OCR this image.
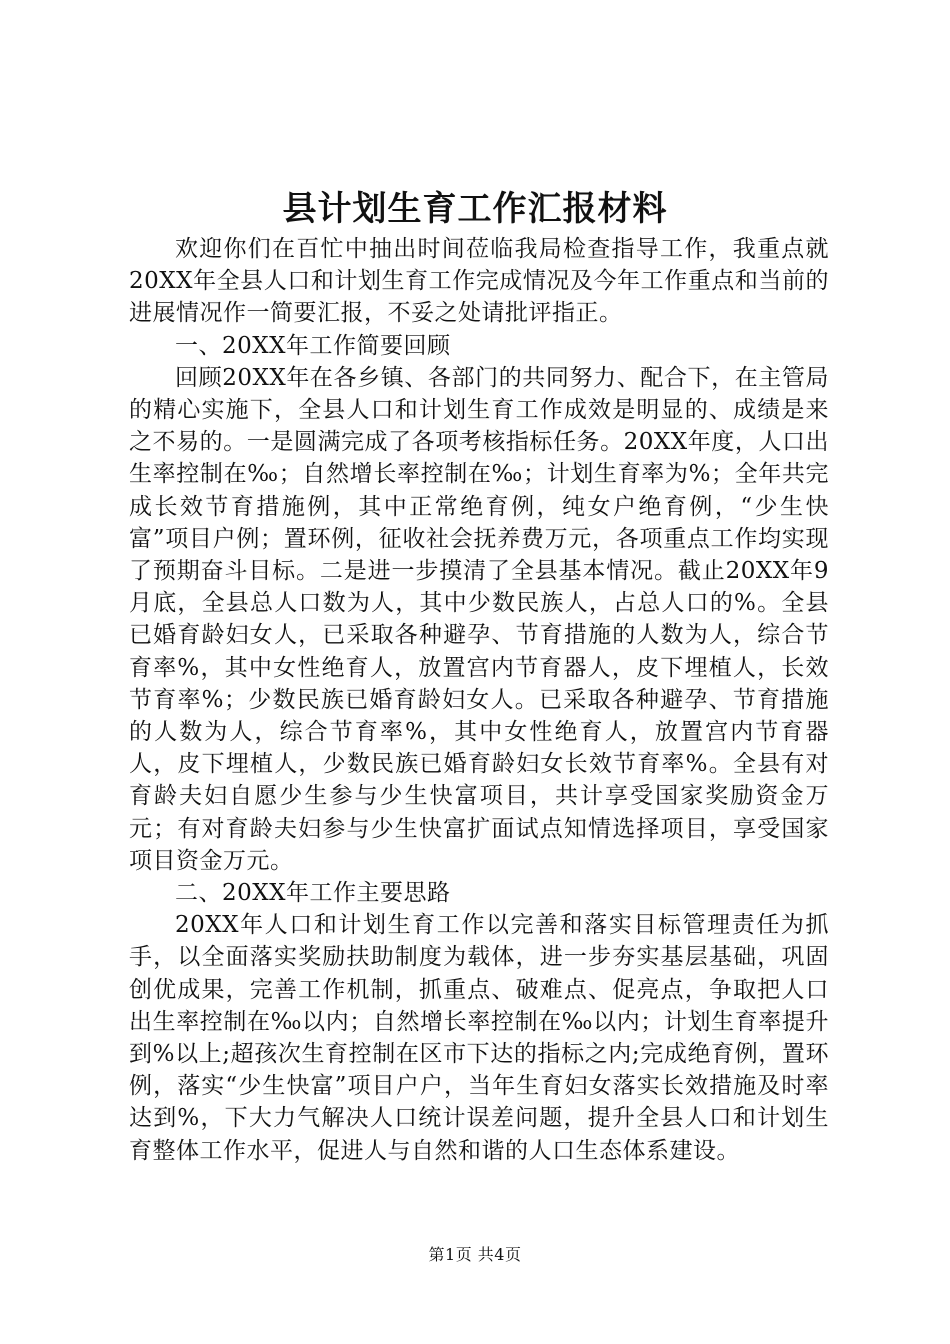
县计划生育工作汇报材料

欢迎你们在百忙中抽出时间莅临我局检查指导工作，我重点就20XX年全县人口和计划生育工作完成情况及今年工作重点和当前的进展情况作一简要汇报，不妥之处请批评指正。

一、20XX年工作简要回顾

回顾20XX年在各乡镇、各部门的共同努力、配合下，在主管局的精心实施下，全县人口和计划生育工作成效是明显的、成绩是来之不易的。一是圆满完成了各项考核指标任务。20XX年度，人口出生率控制在‰；自然增长率控制在‰；计划生育率为%；全年共完成长效节育措施例，其中正常绝育例，纯女户绝育例，“少生快富”项目户例；置环例，征收社会抚养费万元，各项重点工作均实现了预期奋斗目标。二是进一步摸清了全县基本情况。截止20XX年9月底，全县总人口数为人，其中少数民族人，占总人口的%。全县已婚育龄妇女人，已采取各种避孕、节育措施的人数为人，综合节育率%，其中女性绝育人，放置宫内节育器人，皮下埋植人，长效节育率%；少数民族已婚育龄妇女人。已采取各种避孕、节育措施的人数为人，综合节育率%，其中女性绝育人，放置宫内节育器人，皮下埋植人，少数民族已婚育龄妇女长效节育率%。全县有对育龄夫妇自愿少生参与少生快富项目，共计享受国家奖励资金万元；有对育龄夫妇参与少生快富扩面试点知情选择项目，享受国家项目资金万元。

二、20XX年工作主要思路

20XX年人口和计划生育工作以完善和落实目标管理责任为抓手，以全面落实奖励扶助制度为载体，进一步夯实基层基础，巩固创优成果，完善工作机制，抓重点、破难点、促亮点，争取把人口出生率控制在‰以内；自然增长率控制在‰以内；计划生育率提升到%以上;超孩次生育控制在区市下达的指标之内;完成绝育例，置环例，落实“少生快富”项目户户，当年生育妇女落实长效措施及时率达到%，下大力气解决人口统计误差问题，提升全县人口和计划生育整体工作水平，促进人与自然和谐的人口生态体系建设。

第1页 共4页
